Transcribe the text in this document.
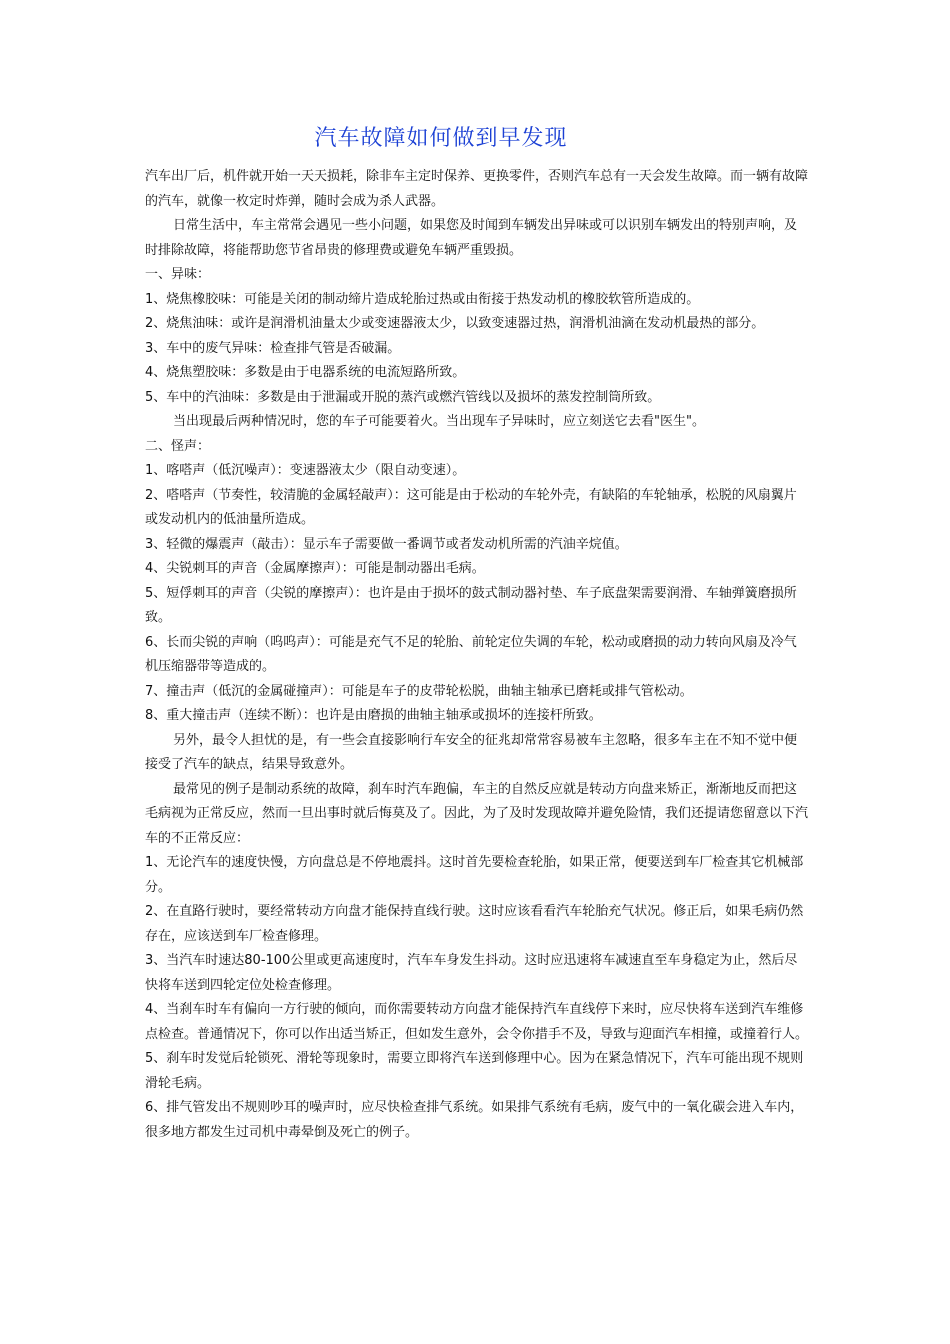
汽车故障如何做到早发现

汽车出厂后，机件就开始一天天损耗，除非车主定时保养、更换零件，否则汽车总有一天会发生故障。而一辆有故障的汽车，就像一枚定时炸弹，随时会成为杀人武器。

日常生活中，车主常常会遇见一些小问题，如果您及时闻到车辆发出异味或可以识别车辆发出的特别声响，及时排除故障，将能帮助您节省昂贵的修理费或避免车辆严重毁损。

一、异味：

1、烧焦橡胶味：可能是关闭的制动缔片造成轮胎过热或由衔接于热发动机的橡胶软管所造成的。

2、烧焦油味：或许是润滑机油量太少或变速器液太少，以致变速器过热，润滑机油滴在发动机最热的部分。

3、车中的废气异味：检查排气管是否破漏。

4、烧焦塑胶味：多数是由于电器系统的电流短路所致。

5、车中的汽油味：多数是由于泄漏或开脱的蒸汽或燃汽管线以及损坏的蒸发控制筒所致。

当出现最后两种情况时，您的车子可能要着火。当出现车子异味时，应立刻送它去看"医生"。

二、怪声：

1、喀嗒声（低沉噪声）：变速器液太少（限自动变速）。

2、嗒嗒声（节奏性，较清脆的金属轻敲声）：这可能是由于松动的车轮外壳，有缺陷的车轮轴承，松脱的风扇翼片或发动机内的低油量所造成。

3、轻微的爆震声（敲击）：显示车子需要做一番调节或者发动机所需的汽油辛烷值。

4、尖锐刺耳的声音（金属摩擦声）：可能是制动器出毛病。

5、短俘刺耳的声音（尖锐的摩擦声）：也许是由于损坏的鼓式制动器衬垫、车子底盘架需要润滑、车轴弹簧磨损所致。

6、长而尖锐的声响（呜呜声）：可能是充气不足的轮胎、前轮定位失调的车轮，松动或磨损的动力转向风扇及冷气机压缩器带等造成的。

7、撞击声（低沉的金属碰撞声）：可能是车子的皮带轮松脱，曲轴主轴承已磨耗或排气管松动。

8、重大撞击声（连续不断）：也许是由磨损的曲轴主轴承或损坏的连接杆所致。

另外，最令人担忧的是，有一些会直接影响行车安全的征兆却常常容易被车主忽略，很多车主在不知不觉中便接受了汽车的缺点，结果导致意外。

最常见的例子是制动系统的故障，刹车时汽车跑偏，车主的自然反应就是转动方向盘来矫正，渐渐地反而把这毛病视为正常反应，然而一旦出事时就后悔莫及了。因此，为了及时发现故障并避免险情，我们还提请您留意以下汽车的不正常反应：

1、无论汽车的速度快慢，方向盘总是不停地震抖。这时首先要检查轮胎，如果正常，便要送到车厂检查其它机械部分。

2、在直路行驶时，要经常转动方向盘才能保持直线行驶。这时应该看看汽车轮胎充气状况。修正后，如果毛病仍然存在，应该送到车厂检查修理。

3、当汽车时速达80-100公里或更高速度时，汽车车身发生抖动。这时应迅速将车减速直至车身稳定为止，然后尽快将车送到四轮定位处检查修理。

4、当刹车时车有偏向一方行驶的倾向，而你需要转动方向盘才能保持汽车直线停下来时，应尽快将车送到汽车维修点检查。普通情况下，你可以作出适当矫正，但如发生意外，会令你措手不及，导致与迎面汽车相撞，或撞着行人。

5、刹车时发觉后轮锁死、滑轮等现象时，需要立即将汽车送到修理中心。因为在紧急情况下，汽车可能出现不规则滑轮毛病。

6、排气管发出不规则吵耳的噪声时，应尽快检查排气系统。如果排气系统有毛病，废气中的一氧化碳会进入车内，很多地方都发生过司机中毒晕倒及死亡的例子。
